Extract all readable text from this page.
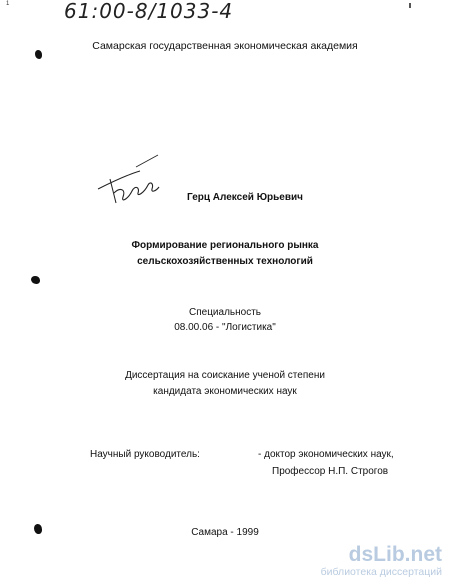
1	61:00-8/1033-4
Самарская государственная экономическая академия
Герц Алексей Юрьевич
Формирование регионального рынка
сельскохозяйственных технологий
Специальность
08.00.06 - "Логистика"
Диссертация на соискание ученой степени
кандидата экономических наук
Научный руководитель:	- доктор экономических наук,
Профессор Н.П. Строгов
Самара - 1999
dsLib.net
библиотека диссертаций
